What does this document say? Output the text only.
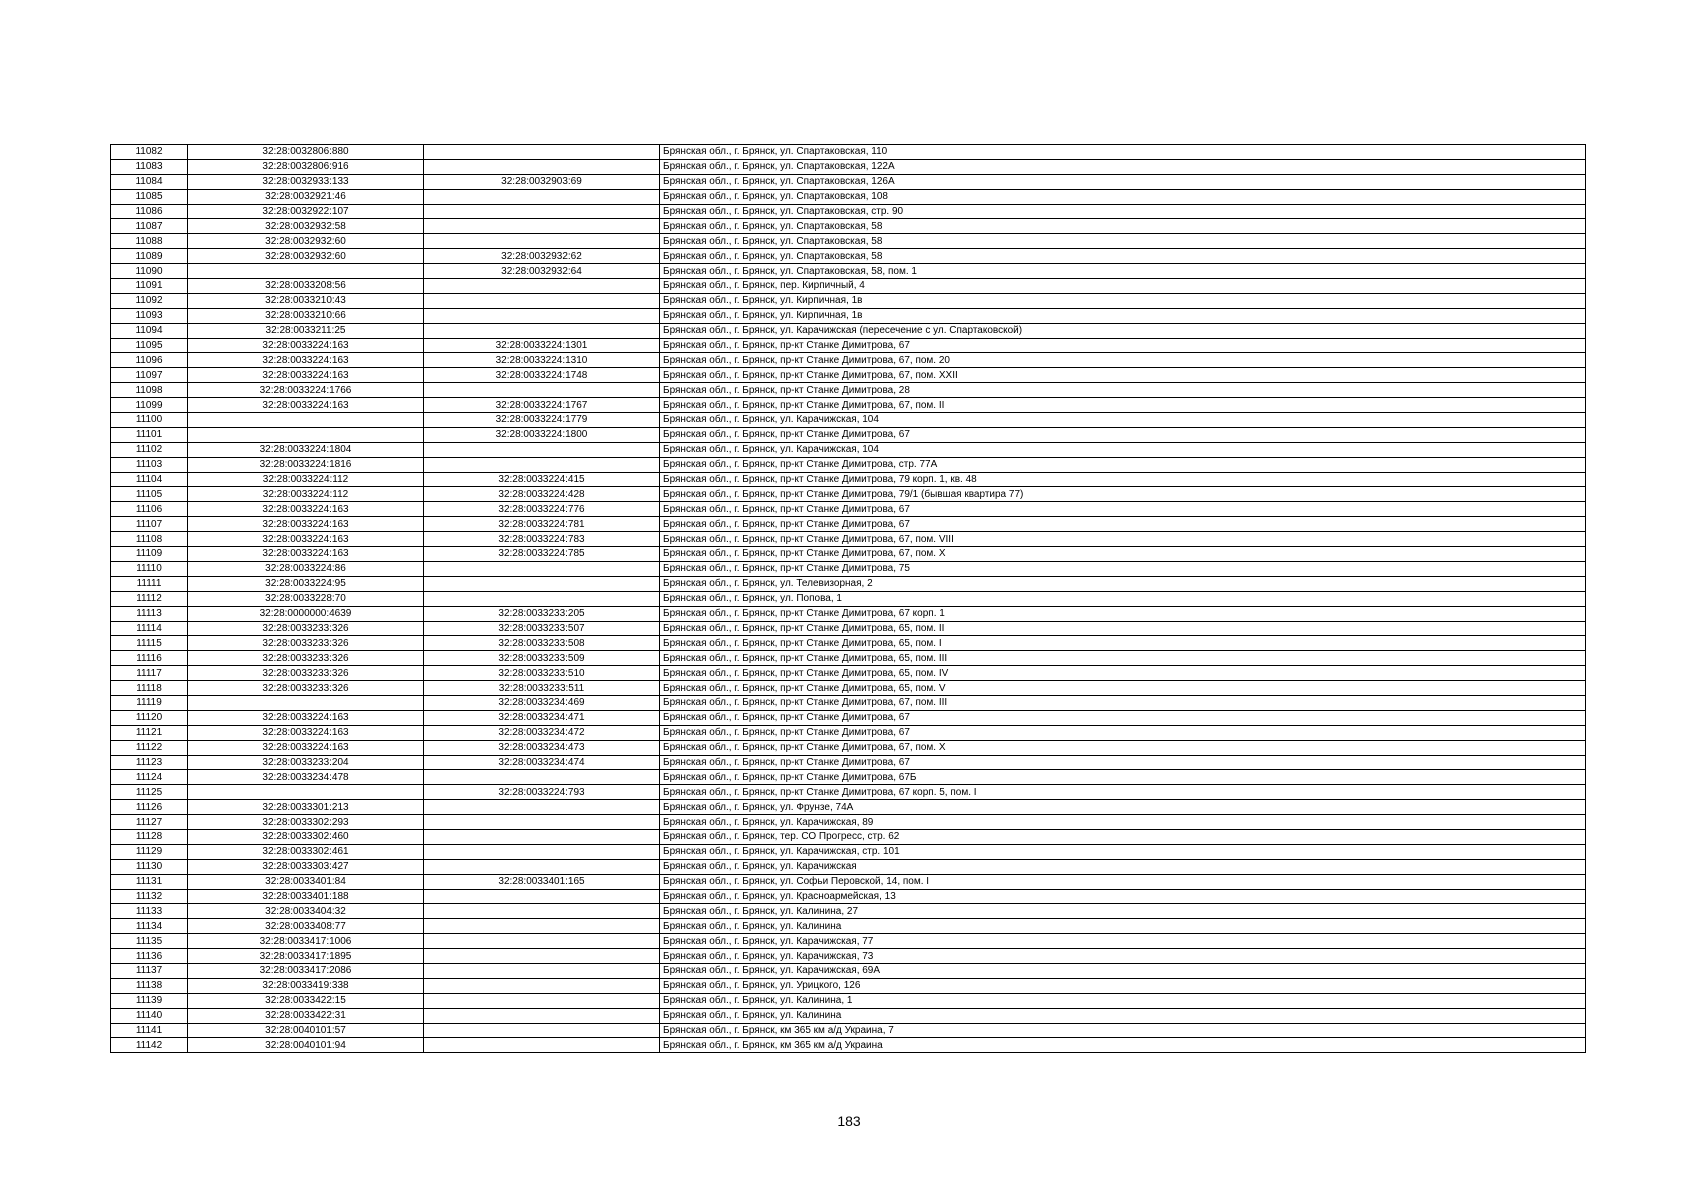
11082	32:28:0032806:880		Брянская обл., г. Брянск, ул. Спартаковская, 110
11083	32:28:0032806:916		Брянская обл., г. Брянск, ул. Спартаковская, 122А
11084	32:28:0032933:133	32:28:0032903:69	Брянская обл., г. Брянск, ул. Спартаковская, 126А
11085	32:28:0032921:46		Брянская обл., г. Брянск, ул. Спартаковская, 108
11086	32:28:0032922:107		Брянская обл., г. Брянск, ул. Спартаковская, стр. 90
11087	32:28:0032932:58		Брянская обл., г. Брянск, ул. Спартаковская, 58
11088	32:28:0032932:60		Брянская обл., г. Брянск, ул. Спартаковская, 58
11089	32:28:0032932:60	32:28:0032932:62	Брянская обл., г. Брянск, ул. Спартаковская, 58
11090		32:28:0032932:64	Брянская обл., г. Брянск, ул. Спартаковская, 58, пом. 1
11091	32:28:0033208:56		Брянская обл., г. Брянск, пер. Кирпичный, 4
11092	32:28:0033210:43		Брянская обл., г. Брянск, ул. Кирпичная, 1в
11093	32:28:0033210:66		Брянская обл., г. Брянск, ул. Кирпичная, 1в
11094	32:28:0033211:25		Брянская обл., г. Брянск, ул. Карачижская (пересечение с ул. Спартаковской)
11095	32:28:0033224:163	32:28:0033224:1301	Брянская обл., г. Брянск, пр-кт Станке Димитрова, 67
11096	32:28:0033224:163	32:28:0033224:1310	Брянская обл., г. Брянск, пр-кт Станке Димитрова, 67, пом. 20
11097	32:28:0033224:163	32:28:0033224:1748	Брянская обл., г. Брянск, пр-кт Станке Димитрова, 67, пом. XXII
11098	32:28:0033224:1766		Брянская обл., г. Брянск, пр-кт Станке Димитрова, 28
11099	32:28:0033224:163	32:28:0033224:1767	Брянская обл., г. Брянск, пр-кт Станке Димитрова, 67, пом. II
11100		32:28:0033224:1779	Брянская обл., г. Брянск, ул. Карачижская, 104
11101		32:28:0033224:1800	Брянская обл., г. Брянск, пр-кт Станке Димитрова, 67
11102	32:28:0033224:1804		Брянская обл., г. Брянск, ул. Карачижская, 104
11103	32:28:0033224:1816		Брянская обл., г. Брянск, пр-кт Станке Димитрова, стр. 77А
11104	32:28:0033224:112	32:28:0033224:415	Брянская обл., г. Брянск, пр-кт Станке Димитрова, 79 корп. 1, кв. 48
11105	32:28:0033224:112	32:28:0033224:428	Брянская обл., г. Брянск, пр-кт Станке Димитрова, 79/1 (бывшая квартира 77)
11106	32:28:0033224:163	32:28:0033224:776	Брянская обл., г. Брянск, пр-кт Станке Димитрова, 67
11107	32:28:0033224:163	32:28:0033224:781	Брянская обл., г. Брянск, пр-кт Станке Димитрова, 67
11108	32:28:0033224:163	32:28:0033224:783	Брянская обл., г. Брянск, пр-кт Станке Димитрова, 67, пом. VIII
11109	32:28:0033224:163	32:28:0033224:785	Брянская обл., г. Брянск, пр-кт Станке Димитрова, 67, пом. X
11110	32:28:0033224:86		Брянская обл., г. Брянск, пр-кт Станке Димитрова, 75
11111	32:28:0033224:95		Брянская обл., г. Брянск, ул. Телевизорная, 2
11112	32:28:0033228:70		Брянская обл., г. Брянск, ул. Попова, 1
11113	32:28:0000000:4639	32:28:0033233:205	Брянская обл., г. Брянск, пр-кт Станке Димитрова, 67 корп. 1
11114	32:28:0033233:326	32:28:0033233:507	Брянская обл., г. Брянск, пр-кт Станке Димитрова, 65, пом. II
11115	32:28:0033233:326	32:28:0033233:508	Брянская обл., г. Брянск, пр-кт Станке Димитрова, 65, пом. I
11116	32:28:0033233:326	32:28:0033233:509	Брянская обл., г. Брянск, пр-кт Станке Димитрова, 65, пом. III
11117	32:28:0033233:326	32:28:0033233:510	Брянская обл., г. Брянск, пр-кт Станке Димитрова, 65, пом. IV
11118	32:28:0033233:326	32:28:0033233:511	Брянская обл., г. Брянск, пр-кт Станке Димитрова, 65, пом. V
11119		32:28:0033234:469	Брянская обл., г. Брянск, пр-кт Станке Димитрова, 67, пом. III
11120	32:28:0033224:163	32:28:0033234:471	Брянская обл., г. Брянск, пр-кт Станке Димитрова, 67
11121	32:28:0033224:163	32:28:0033234:472	Брянская обл., г. Брянск, пр-кт Станке Димитрова, 67
11122	32:28:0033224:163	32:28:0033234:473	Брянская обл., г. Брянск, пр-кт Станке Димитрова, 67, пом. X
11123	32:28:0033233:204	32:28:0033234:474	Брянская обл., г. Брянск, пр-кт Станке Димитрова, 67
11124	32:28:0033234:478		Брянская обл., г. Брянск, пр-кт Станке Димитрова, 67Б
11125		32:28:0033224:793	Брянская обл., г. Брянск, пр-кт Станке Димитрова, 67 корп. 5, пом. I
11126	32:28:0033301:213		Брянская обл., г. Брянск, ул. Фрунзе, 74А
11127	32:28:0033302:293		Брянская обл., г. Брянск, ул. Карачижская, 89
11128	32:28:0033302:460		Брянская обл., г. Брянск, тер. СО Прогресс, стр. 62
11129	32:28:0033302:461		Брянская обл., г. Брянск, ул. Карачижская, стр. 101
11130	32:28:0033303:427		Брянская обл., г. Брянск, ул. Карачижская
11131	32:28:0033401:84	32:28:0033401:165	Брянская обл., г. Брянск, ул. Софьи Перовской, 14, пом. I
11132	32:28:0033401:188		Брянская обл., г. Брянск, ул. Красноармейская, 13
11133	32:28:0033404:32		Брянская обл., г. Брянск, ул. Калинина, 27
11134	32:28:0033408:77		Брянская обл., г. Брянск, ул. Калинина
11135	32:28:0033417:1006		Брянская обл., г. Брянск, ул. Карачижская, 77
11136	32:28:0033417:1895		Брянская обл., г. Брянск, ул. Карачижская, 73
11137	32:28:0033417:2086		Брянская обл., г. Брянск, ул. Карачижская, 69А
11138	32:28:0033419:338		Брянская обл., г. Брянск, ул. Урицкого, 126
11139	32:28:0033422:15		Брянская обл., г. Брянск, ул. Калинина, 1
11140	32:28:0033422:31		Брянская обл., г. Брянск, ул. Калинина
11141	32:28:0040101:57		Брянская обл., г. Брянск, км 365 км а/д Украина, 7
11142	32:28:0040101:94		Брянская обл., г. Брянск, км 365 км а/д Украина
183
